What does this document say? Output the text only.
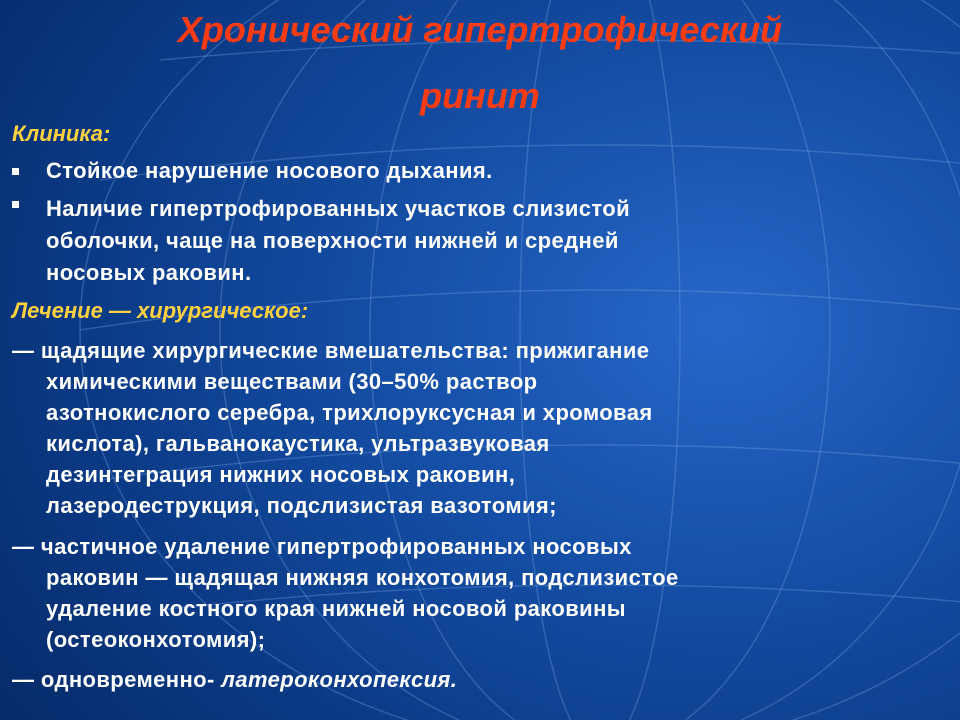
Хронический гипертрофический
ринит
Клиника:
Стойкое нарушение носового дыхания.
Наличие гипертрофированных участков слизистой
оболочки, чаще на поверхности нижней и средней
носовых раковин.
Лечение — хирургическое:
— щадящие хирургические вмешательства: прижигание
химическими веществами (30–50% раствор
азотнокислого серебра, трихлоруксусная и хромовая
кислота), гальванокаустика, ультразвуковая
дезинтеграция нижних носовых раковин,
лазеродеструкция, подслизистая вазотомия;
— частичное удаление гипертрофированных носовых
раковин — щадящая нижняя конхотомия, подслизистое
удаление костного края нижней носовой раковины
(остеоконхотомия);
— одновременно- латероконхопексия.
